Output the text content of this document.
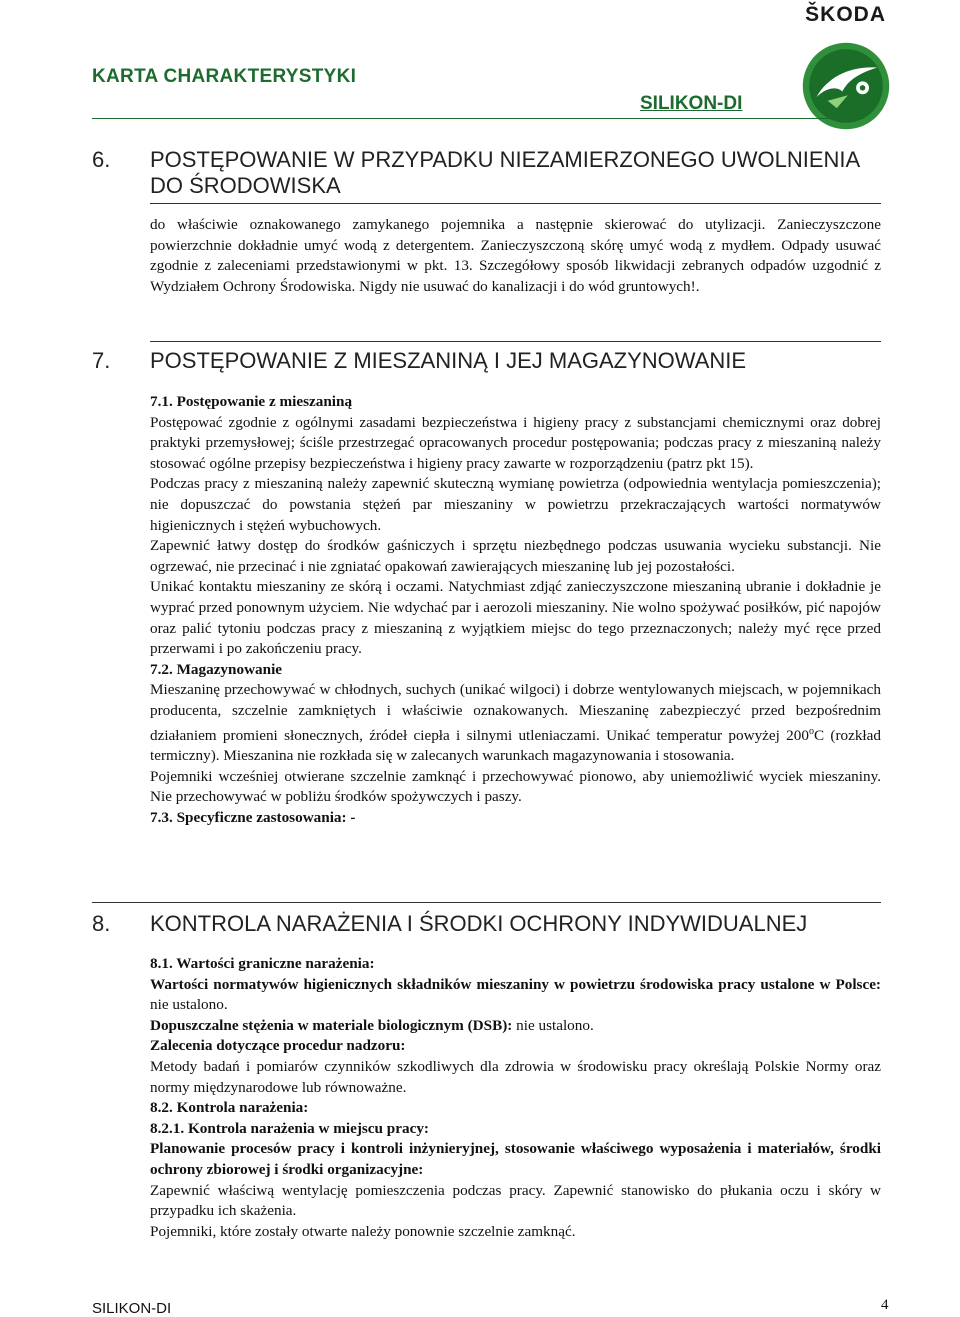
ŠKODA
KARTA CHARAKTERYSTYKI
SILIKON-DI
6. POSTĘPOWANIE W PRZYPADKU NIEZAMIERZONEGO UWOLNIENIA
DO ŚRODOWISKA

do właściwie oznakowanego zamykanego pojemnika a następnie skierować do utylizacji. Zanieczyszczone powierzchnie dokładnie umyć wodą z detergentem. Zanieczyszczoną skórę umyć wodą z mydłem. Odpady usuwać zgodnie z zaleceniami przedstawionymi w pkt. 13. Szczegółowy sposób likwidacji zebranych odpadów uzgodnić z Wydziałem Ochrony Środowiska. Nigdy nie usuwać do kanalizacji i do wód gruntowych!.

7. POSTĘPOWANIE Z MIESZANINĄ I JEJ MAGAZYNOWANIE

7.1. Postępowanie z mieszaniną

Postępować zgodnie z ogólnymi zasadami bezpieczeństwa i higieny pracy z substancjami chemicznymi oraz dobrej praktyki przemysłowej; ściśle przestrzegać opracowanych procedur postępowania; podczas pracy z mieszaniną należy stosować ogólne przepisy bezpieczeństwa i higieny pracy zawarte w rozporządzeniu (patrz pkt 15).

Podczas pracy z mieszaniną należy zapewnić skuteczną wymianę powietrza (odpowiednia wentylacja pomieszczenia); nie dopuszczać do powstania stężeń par mieszaniny w powietrzu przekraczających wartości normatywów higienicznych i stężeń wybuchowych.

Zapewnić łatwy dostęp do środków gaśniczych i sprzętu niezbędnego podczas usuwania wycieku substancji. Nie ogrzewać, nie przecinać i nie zgniatać opakowań zawierających mieszaninę lub jej pozostałości.

Unikać kontaktu mieszaniny ze skórą i oczami. Natychmiast zdjąć zanieczyszczone mieszaniną ubranie i dokładnie je wyprać przed ponownym użyciem. Nie wdychać par i aerozoli mieszaniny. Nie wolno spożywać posiłków, pić napojów oraz palić tytoniu podczas pracy z mieszaniną z wyjątkiem miejsc do tego przeznaczonych; należy myć ręce przed przerwami i po zakończeniu pracy.

7.2. Magazynowanie

Mieszaninę przechowywać w chłodnych, suchych (unikać wilgoci) i dobrze wentylowanych miejscach, w pojemnikach producenta, szczelnie zamkniętych i właściwie oznakowanych. Mieszaninę zabezpieczyć przed bezpośrednim działaniem promieni słonecznych, źródeł ciepła i silnymi utleniaczami. Unikać temperatur powyżej 200$^o$C (rozkład termiczny). Mieszanina nie rozkłada się w zalecanych warunkach magazynowania i stosowania.

Pojemniki wcześniej otwierane szczelnie zamknąć i przechowywać pionowo, aby uniemożliwić wyciek mieszaniny. Nie przechowywać w pobliżu środków spożywczych i paszy.

7.3. Specyficzne zastosowania: -

8. KONTROLA NARAŻENIA I ŚRODKI OCHRONY INDYWIDUALNEJ

8.1. Wartości graniczne narażenia:

Wartości normatywów higienicznych składników mieszaniny w powietrzu środowiska pracy ustalone w Polsce: nie ustalono.

Dopuszczalne stężenia w materiale biologicznym (DSB): nie ustalono.

Zalecenia dotyczące procedur nadzoru:

Metody badań i pomiarów czynników szkodliwych dla zdrowia w środowisku pracy określają Polskie Normy oraz normy międzynarodowe lub równoważne.

8.2. Kontrola narażenia:

8.2.1. Kontrola narażenia w miejscu pracy:

Planowanie procesów pracy i kontroli inżynieryjnej, stosowanie właściwego wyposażenia i materiałów, środki ochrony zbiorowej i środki organizacyjne:

Zapewnić właściwą wentylację pomieszczenia podczas pracy. Zapewnić stanowisko do płukania oczu i skóry w przypadku ich skażenia.

Pojemniki, które zostały otwarte należy ponownie szczelnie zamknąć.

SILIKON-DI	4
